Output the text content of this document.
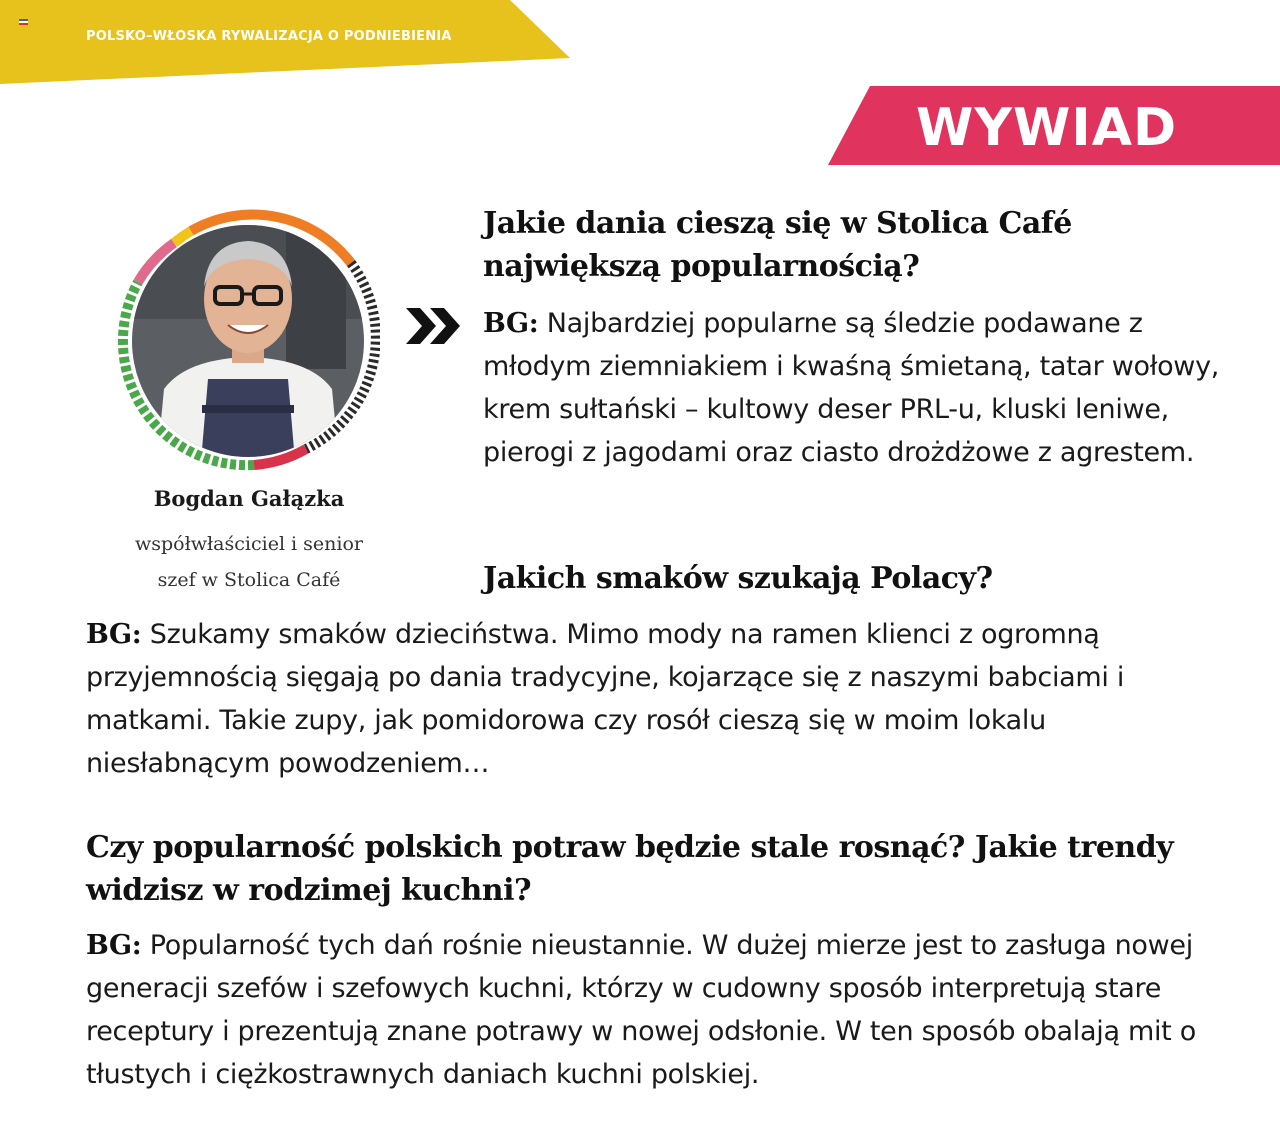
POLSKO–WŁOSKA RYWALIZACJA O PODNIEBIENIA
WYWIAD
Bogdan Gałązka
współwłaściciel i senior
szef w Stolica Café
Jakie dania cieszą się w Stolica Café największą popularnością?
BG: Najbardziej popularne są śledzie podawane z młodym ziemniakiem i kwaśną śmietaną, tatar wołowy, krem sułtański – kultowy deser PRL-u, kluski leniwe, pierogi z jagodami oraz ciasto drożdżowe z agrestem.
Jakich smaków szukają Polacy?
BG: Szukamy smaków dzieciństwa. Mimo mody na ramen klienci z ogromną przyjemnością sięgają po dania tradycyjne, kojarzące się z naszymi babciami i matkami. Takie zupy, jak pomidorowa czy rosół cieszą się w moim lokalu niesłabnącym powodzeniem…
Czy popularność polskich potraw będzie stale rosnąć? Jakie trendy widzisz w rodzimej kuchni?
BG: Popularność tych dań rośnie nieustannie. W dużej mierze jest to zasługa nowej generacji szefów i szefowych kuchni, którzy w cudowny sposób interpretują stare receptury i prezentują znane potrawy w nowej odsłonie. W ten sposób obalają mit o tłustych i ciężkostrawnych daniach kuchni polskiej.
